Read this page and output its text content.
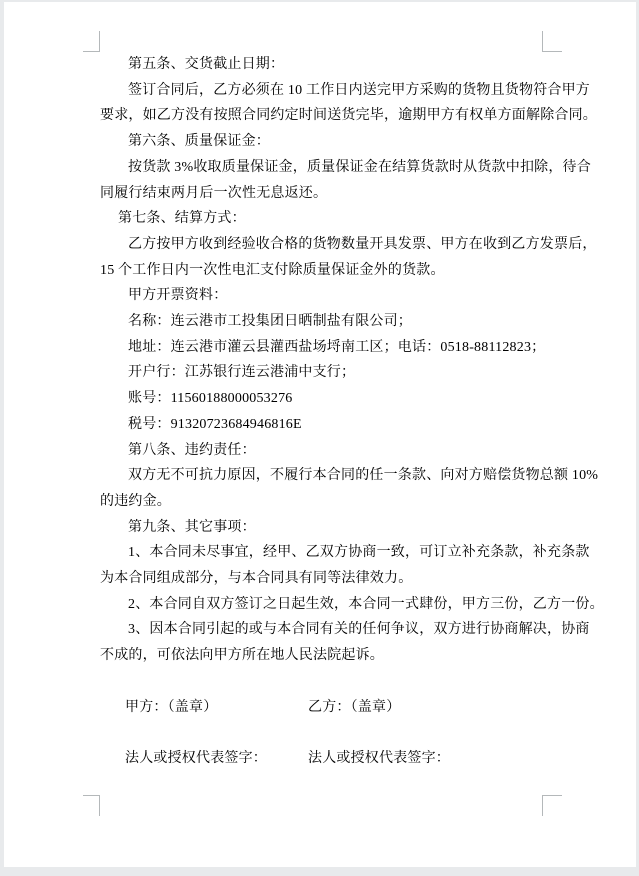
第五条、交货截止日期：
签订合同后，乙方必须在 10 工作日内送完甲方采购的货物且货物符合甲方
要求，如乙方没有按照合同约定时间送货完毕，逾期甲方有权单方面解除合同。
第六条、质量保证金：
按货款 3%收取质量保证金，质量保证金在结算货款时从货款中扣除，待合
同履行结束两月后一次性无息返还。
第七条、结算方式：
乙方按甲方收到经验收合格的货物数量开具发票、甲方在收到乙方发票后，
15 个工作日内一次性电汇支付除质量保证金外的货款。
甲方开票资料：
名称：连云港市工投集团日晒制盐有限公司；
地址：连云港市灌云县灌西盐场埒南工区；电话：0518-88112823；
开户行：江苏银行连云港浦中支行；
账号：11560188000053276
税号：91320723684946816E
第八条、违约责任：
双方无不可抗力原因，不履行本合同的任一条款、向对方赔偿货物总额 10%
的违约金。
第九条、其它事项：
1、本合同未尽事宜，经甲、乙双方协商一致，可订立补充条款，补充条款
为本合同组成部分，与本合同具有同等法律效力。
2、本合同自双方签订之日起生效，本合同一式肆份，甲方三份，乙方一份。
3、因本合同引起的或与本合同有关的任何争议，双方进行协商解决，协商
不成的，可依法向甲方所在地人民法院起诉。
甲方：（盖章）	乙方：（盖章）
法人或授权代表签字：	法人或授权代表签字：
